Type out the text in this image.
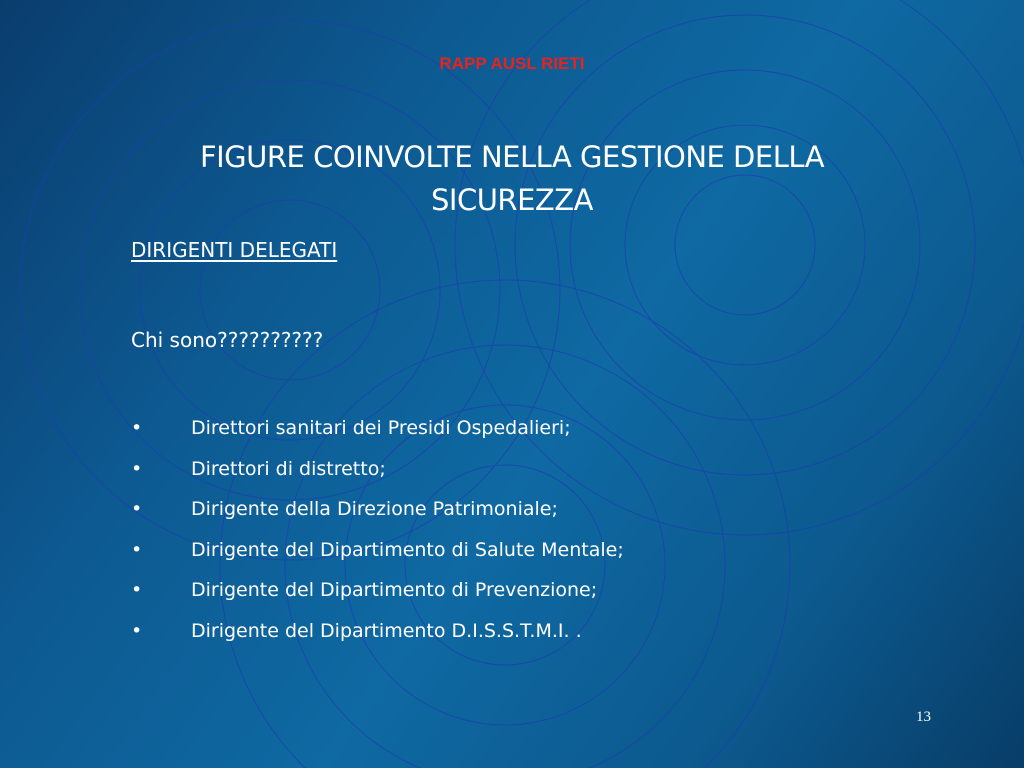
RAPP AUSL RIETI
FIGURE COINVOLTE NELLA GESTIONE DELLA
SICUREZZA
DIRIGENTI DELEGATI
Chi sono??????????
•	Direttori sanitari dei Presidi Ospedalieri;
•	Direttori di distretto;
•	Dirigente della Direzione Patrimoniale;
•	Dirigente del Dipartimento di Salute Mentale;
•	Dirigente del Dipartimento di Prevenzione;
•	Dirigente del Dipartimento D.I.S.S.T.M.I. .
13
